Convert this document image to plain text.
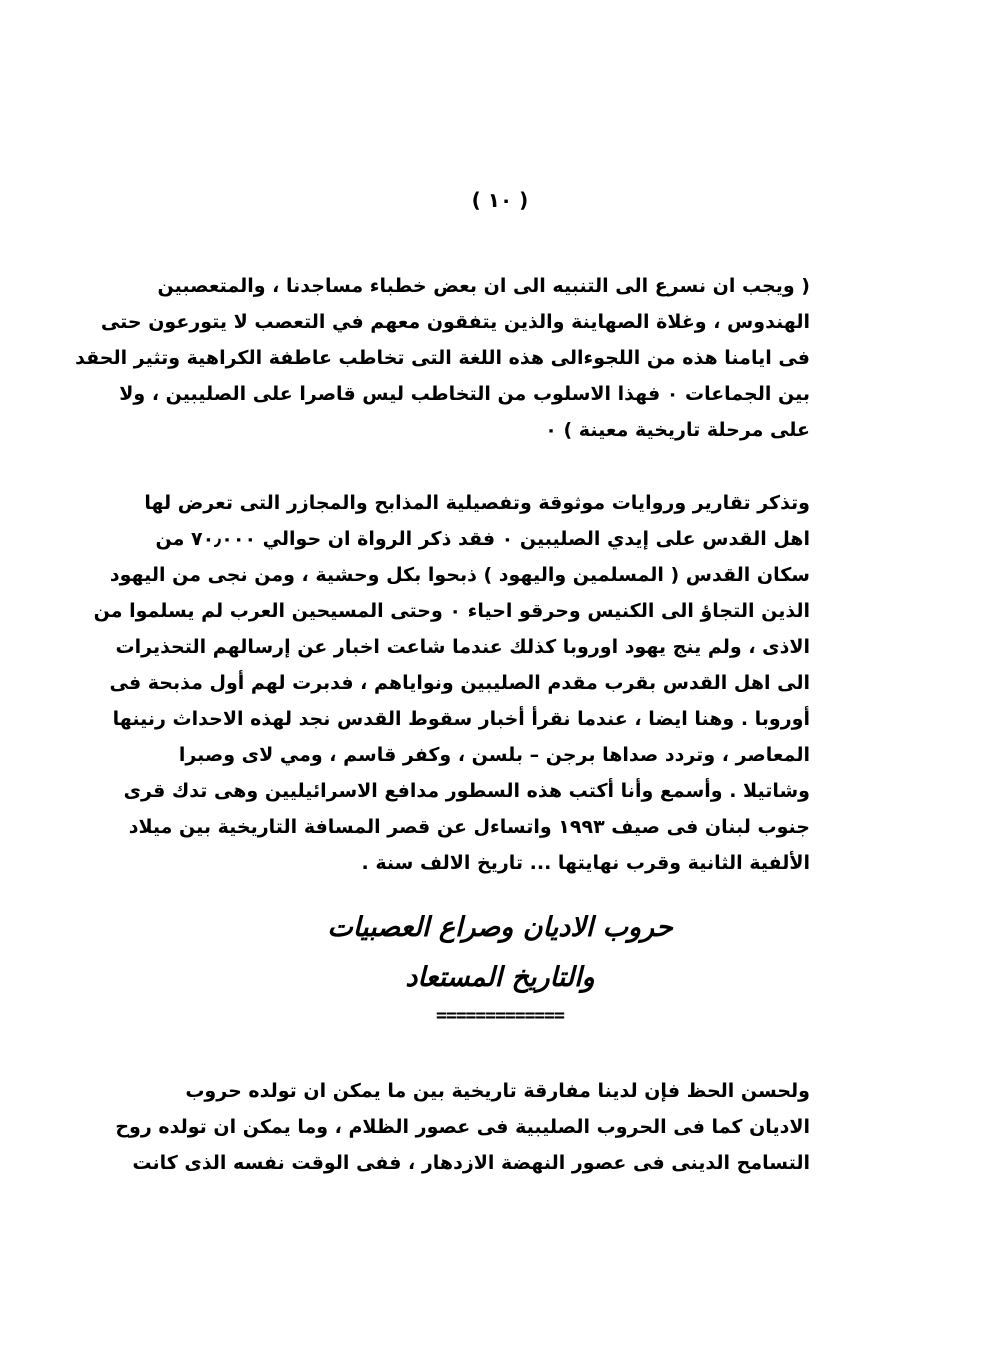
( ١٠ )
( ويجب ان نسرع الى التنبيه الى ان بعض خطباء مساجدنا ، والمتعصبين
الهندوس ، وغلاة الصهاينة والذين يتفقون معهم في التعصب لا يتورعون حتى
فى ايامنا هذه من اللجوءالى هذه اللغة التى تخاطب عاطفة الكراهية وتثير الحقد
بين الجماعات ٠ فهذا الاسلوب من التخاطب ليس قاصرا على الصليبين ، ولا
على مرحلة تاريخية معينة ) ٠
وتذكر تقارير وروايات موثوقة وتفصيلية المذابح والمجازر التى تعرض لها
اهل القدس على إيدي الصليبين ٠ فقد ذكر الرواة ان حوالي ٧٠٫٠٠٠ من
سكان القدس ( المسلمين واليهود ) ذبحوا بكل وحشية ، ومن نجى من اليهود
الذين التجاؤ الى الكنيس وحرقو احياء ٠ وحتى المسيحين العرب لم يسلموا من
الاذى ، ولم ينج يهود اوروبا كذلك عندما شاعت اخبار عن إرسالهم التحذيرات
الى اهل القدس بقرب مقدم الصليبين ونواياهم ، فدبرت لهم أول مذبحة فى
أوروبا . وهنا ايضا ، عندما نقرأ أخبار سقوط القدس نجد لهذه الاحداث رنينها
المعاصر ، وتردد صداها برجن – بلسن ، وكفر قاسم ، ومي لاى وصبرا
وشاتيلا . وأسمع وأنا أكتب هذه السطور مدافع الاسرائيليين وهى تدك قرى
جنوب لبنان فى صيف ١٩٩٣ واتساءل عن قصر المسافة التاريخية بين ميلاد
الألفية الثانية وقرب نهايتها ... تاريخ الالف سنة .
حروب الاديان وصراع العصبيات
والتاريخ المستعاد
=============
ولحسن الحظ فإن لدينا مفارقة تاريخية بين ما يمكن ان تولده حروب
الاديان كما فى الحروب الصليبية فى عصور الظلام ، وما يمكن ان تولده روح
التسامح الدينى فى عصور النهضة الازدهار ، ففى الوقت نفسه الذى كانت
